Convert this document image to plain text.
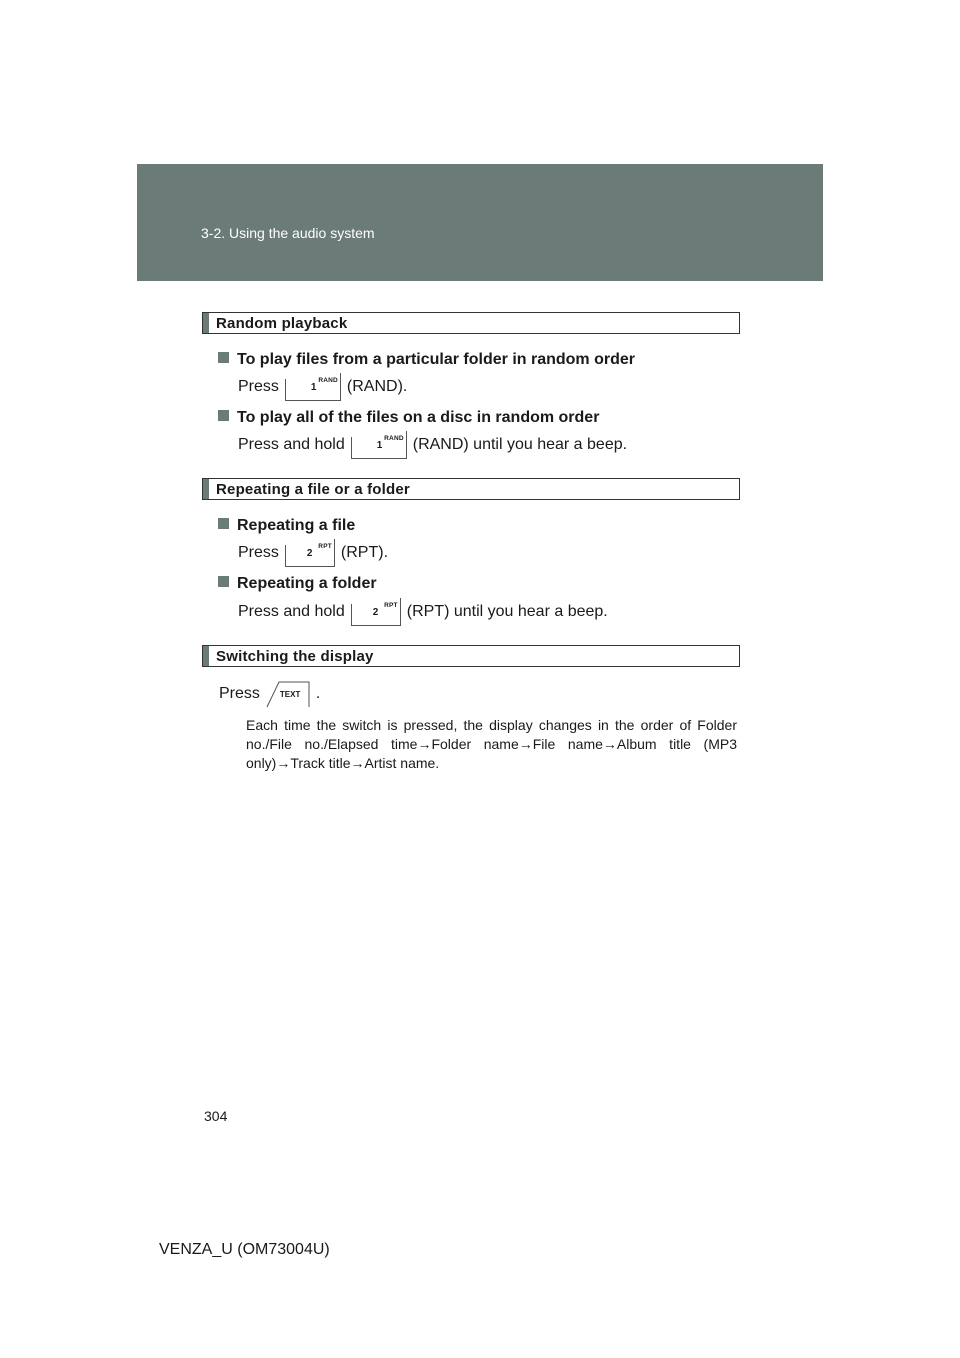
3-2. Using the audio system
Random playback
To play files from a particular folder in random order
Press	1
RAND (RAND).
To play all of the files on a disc in random order
Press and hold	1
RAND (RAND) until you hear a beep.
Repeating a file or a folder
Repeating a file
Press	2
RPT (RPT).
Repeating a folder
Press and hold	2
RPT (RPT) until you hear a beep.
Switching the display
Press	TEXT .
Each time the switch is pressed, the display changes in the order of Folder no./File no./Elapsed time→Folder name→File name→Album title (MP3 only)→Track title→Artist name.
304
VENZA_U (OM73004U)
